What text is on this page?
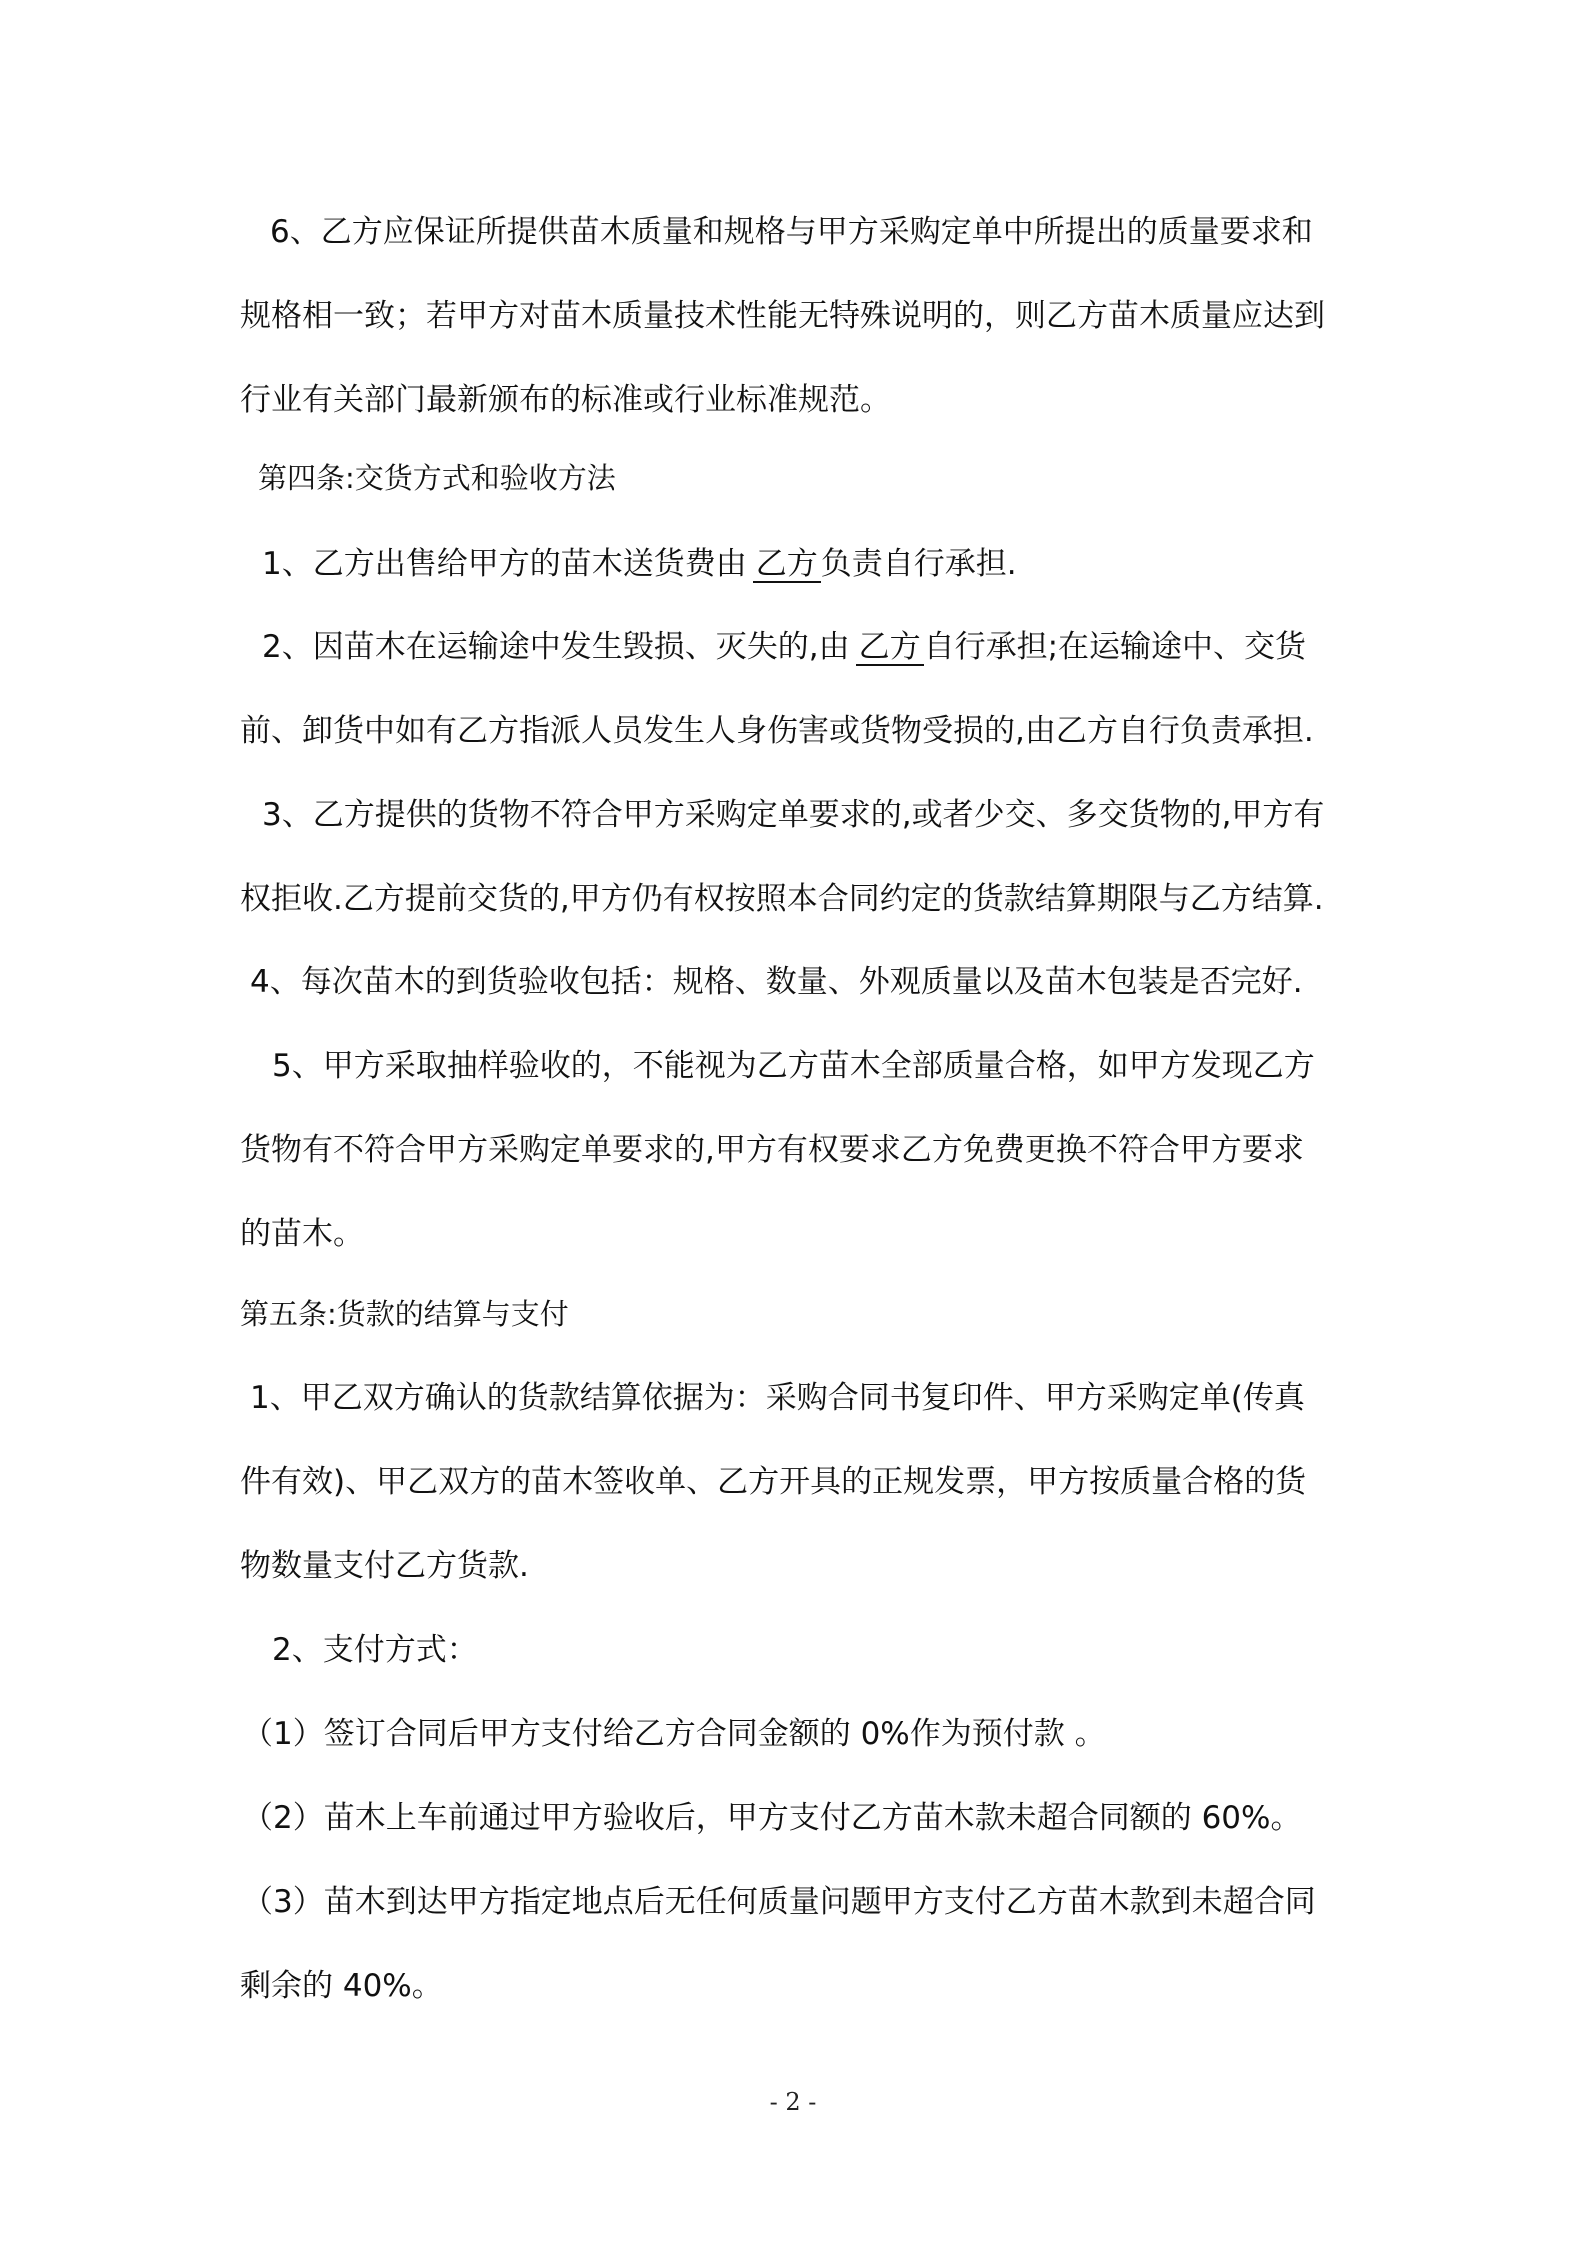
6、乙方应保证所提供苗木质量和规格与甲方采购定单中所提出的质量要求和
规格相一致；若甲方对苗木质量技术性能无特殊说明的，则乙方苗木质量应达到
行业有关部门最新颁布的标准或行业标准规范。
第四条:交货方式和验收方法
1、乙方出售给甲方的苗木送货费由 乙方负责自行承担.
2、因苗木在运输途中发生毁损、灭失的,由 乙方自行承担;在运输途中、交货
前、卸货中如有乙方指派人员发生人身伤害或货物受损的,由乙方自行负责承担.
3、乙方提供的货物不符合甲方采购定单要求的,或者少交、多交货物的,甲方有
权拒收.乙方提前交货的,甲方仍有权按照本合同约定的货款结算期限与乙方结算.
4、每次苗木的到货验收包括：规格、数量、外观质量以及苗木包装是否完好.
5、甲方采取抽样验收的，不能视为乙方苗木全部质量合格，如甲方发现乙方
货物有不符合甲方采购定单要求的,甲方有权要求乙方免费更换不符合甲方要求
的苗木。
第五条:货款的结算与支付
1、甲乙双方确认的货款结算依据为：采购合同书复印件、甲方采购定单(传真
件有效)、甲乙双方的苗木签收单、乙方开具的正规发票，甲方按质量合格的货
物数量支付乙方货款.
2、支付方式：
（1）签订合同后甲方支付给乙方合同金额的 0%作为预付款 。
（2）苗木上车前通过甲方验收后，甲方支付乙方苗木款未超合同额的 60%。
（3）苗木到达甲方指定地点后无任何质量问题甲方支付乙方苗木款到未超合同
剩余的 40%。
- 2 -
